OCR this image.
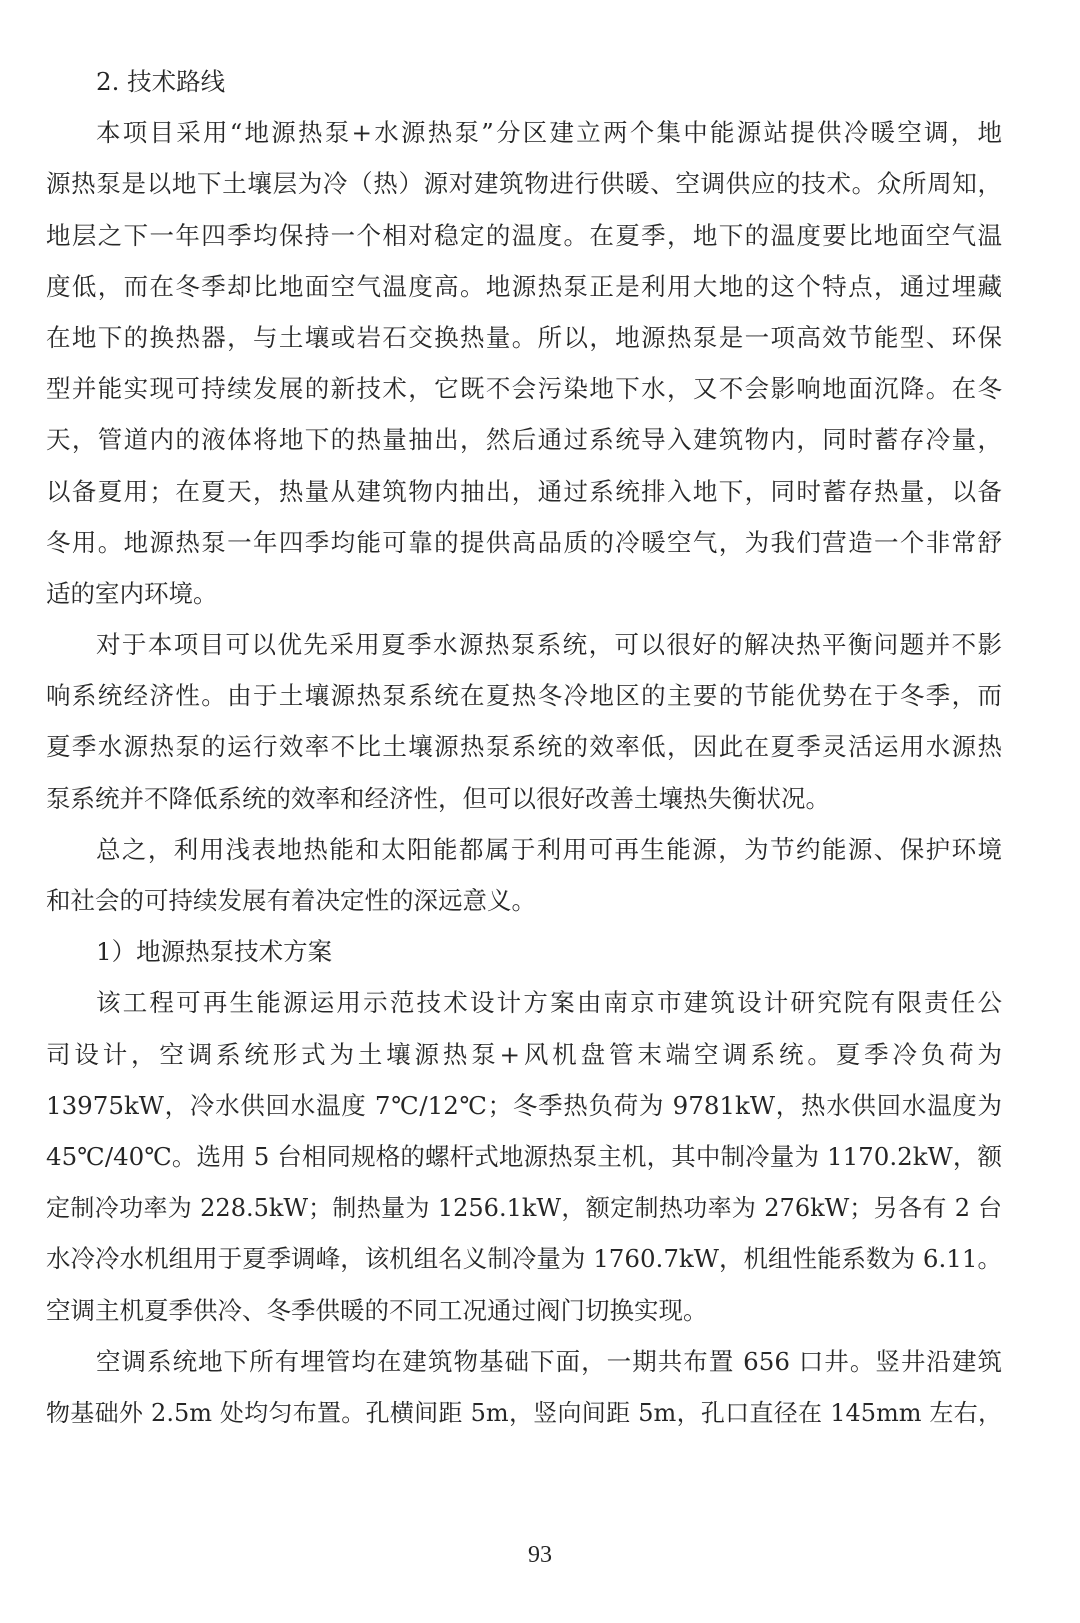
2. 技术路线
本项目采用“地源热泵+水源热泵”分区建立两个集中能源站提供冷暖空调，地
源热泵是以地下土壤层为冷（热）源对建筑物进行供暖、空调供应的技术。众所周知，
地层之下一年四季均保持一个相对稳定的温度。在夏季，地下的温度要比地面空气温
度低，而在冬季却比地面空气温度高。地源热泵正是利用大地的这个特点，通过埋藏
在地下的换热器，与土壤或岩石交换热量。所以，地源热泵是一项高效节能型、环保
型并能实现可持续发展的新技术，它既不会污染地下水，又不会影响地面沉降。在冬
天，管道内的液体将地下的热量抽出，然后通过系统导入建筑物内，同时蓄存冷量，
以备夏用；在夏天，热量从建筑物内抽出，通过系统排入地下，同时蓄存热量，以备
冬用。地源热泵一年四季均能可靠的提供高品质的冷暖空气，为我们营造一个非常舒
适的室内环境。
对于本项目可以优先采用夏季水源热泵系统，可以很好的解决热平衡问题并不影
响系统经济性。由于土壤源热泵系统在夏热冬冷地区的主要的节能优势在于冬季，而
夏季水源热泵的运行效率不比土壤源热泵系统的效率低，因此在夏季灵活运用水源热
泵系统并不降低系统的效率和经济性，但可以很好改善土壤热失衡状况。
总之，利用浅表地热能和太阳能都属于利用可再生能源，为节约能源、保护环境
和社会的可持续发展有着决定性的深远意义。
1）地源热泵技术方案
该工程可再生能源运用示范技术设计方案由南京市建筑设计研究院有限责任公
司设计，空调系统形式为土壤源热泵+风机盘管末端空调系统。夏季冷负荷为
13975kW，冷水供回水温度 7℃/12℃；冬季热负荷为 9781kW，热水供回水温度为
45℃/40℃。选用 5 台相同规格的螺杆式地源热泵主机，其中制冷量为 1170.2kW，额
定制冷功率为 228.5kW；制热量为 1256.1kW，额定制热功率为 276kW；另各有 2 台
水冷冷水机组用于夏季调峰，该机组名义制冷量为 1760.7kW，机组性能系数为 6.11。
空调主机夏季供冷、冬季供暖的不同工况通过阀门切换实现。
空调系统地下所有埋管均在建筑物基础下面，一期共布置 656 口井。竖井沿建筑
物基础外 2.5m 处均匀布置。孔横间距 5m，竖向间距 5m，孔口直径在 145mm 左右，
93
